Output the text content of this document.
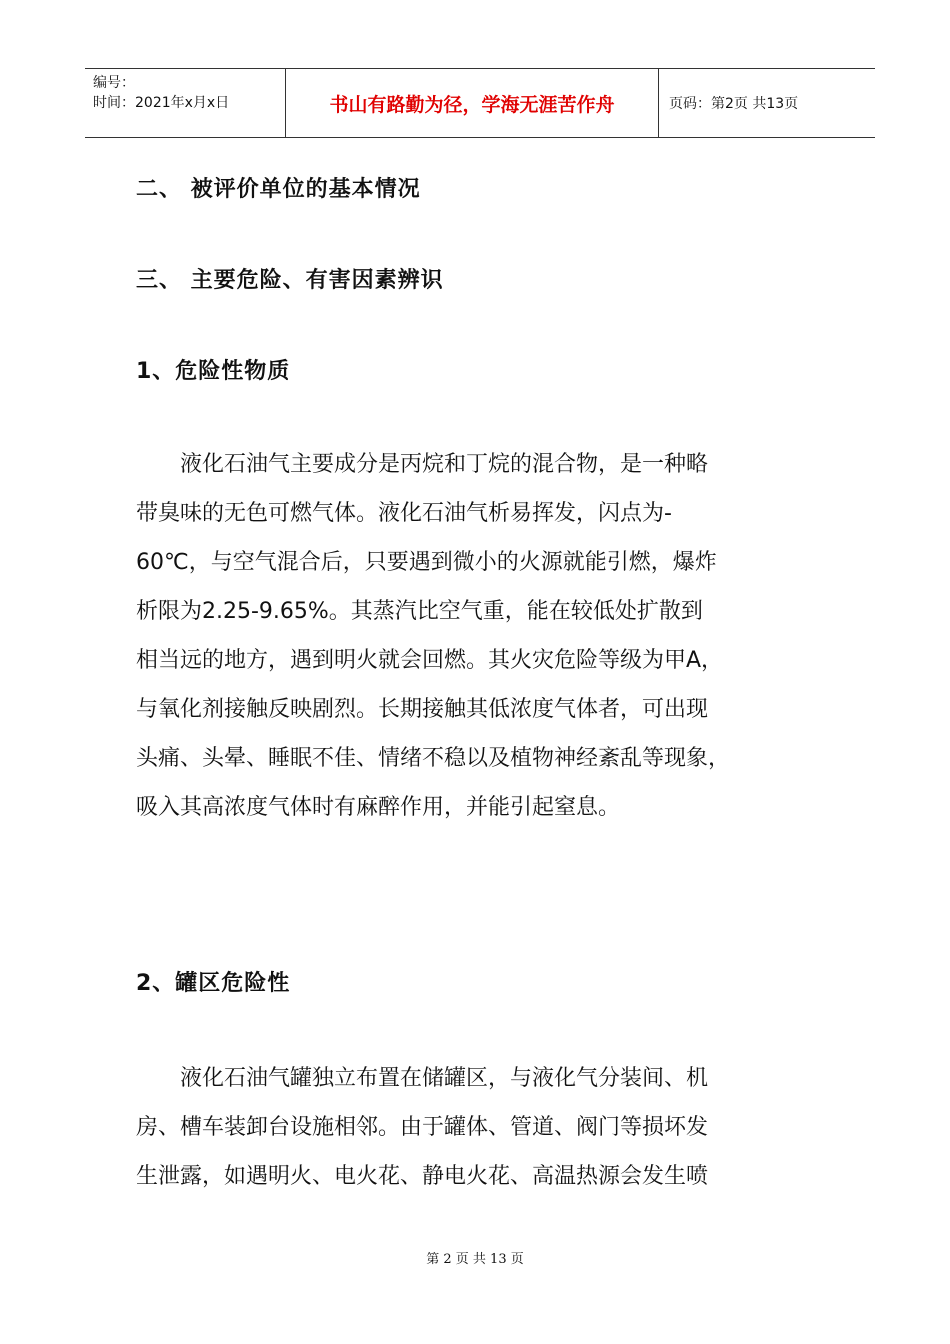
编号：
时间：2021年x月x日	书山有路勤为径，学海无涯苦作舟	页码：第2页 共13页
二、 被评价单位的基本情况
三、 主要危险、有害因素辨识
1、危险性物质

　　液化石油气主要成分是丙烷和丁烷的混合物，是一种略
带臭味的无色可燃气体。液化石油气析易挥发，闪点为-
60℃，与空气混合后，只要遇到微小的火源就能引燃，爆炸
析限为2.25-9.65%。其蒸汽比空气重，能在较低处扩散到
相当远的地方，遇到明火就会回燃。其火灾危险等级为甲A，
与氧化剂接触反映剧烈。长期接触其低浓度气体者，可出现
头痛、头晕、睡眠不佳、情绪不稳以及植物神经紊乱等现象，
吸入其高浓度气体时有麻醉作用，并能引起窒息。

2、罐区危险性

　　液化石油气罐独立布置在储罐区，与液化气分装间、机
房、槽车装卸台设施相邻。由于罐体、管道、阀门等损坏发
生泄露，如遇明火、电火花、静电火花、高温热源会发生喷

第 2 页 共 13 页
